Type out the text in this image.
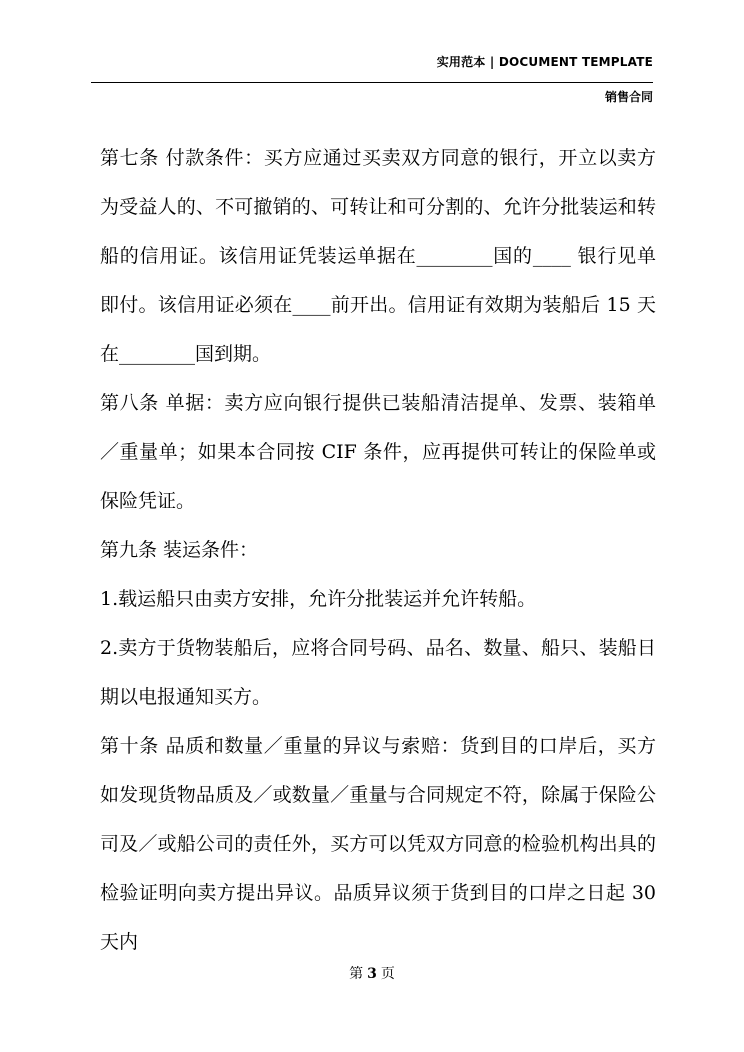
实用范本 | DOCUMENT TEMPLATE
销售合同

第七条 付款条件：买方应通过买卖双方同意的银行，开立以卖方为受益人的、不可撤销的、可转让和可分割的、允许分批装运和转船的信用证。该信用证凭装运单据在________国的____ 银行见单即付。该信用证必须在____前开出。信用证有效期为装船后 15 天在________国到期。

第八条 单据：卖方应向银行提供已装船清洁提单、发票、装箱单／重量单；如果本合同按 CIF 条件，应再提供可转让的保险单或保险凭证。

第九条 装运条件：

1.载运船只由卖方安排，允许分批装运并允许转船。

2.卖方于货物装船后，应将合同号码、品名、数量、船只、装船日期以电报通知买方。

第十条 品质和数量／重量的异议与索赔：货到目的口岸后，买方如发现货物品质及／或数量／重量与合同规定不符，除属于保险公司及／或船公司的责任外，买方可以凭双方同意的检验机构出具的检验证明向卖方提出异议。品质异议须于货到目的口岸之日起 30 天内

第 3 页
